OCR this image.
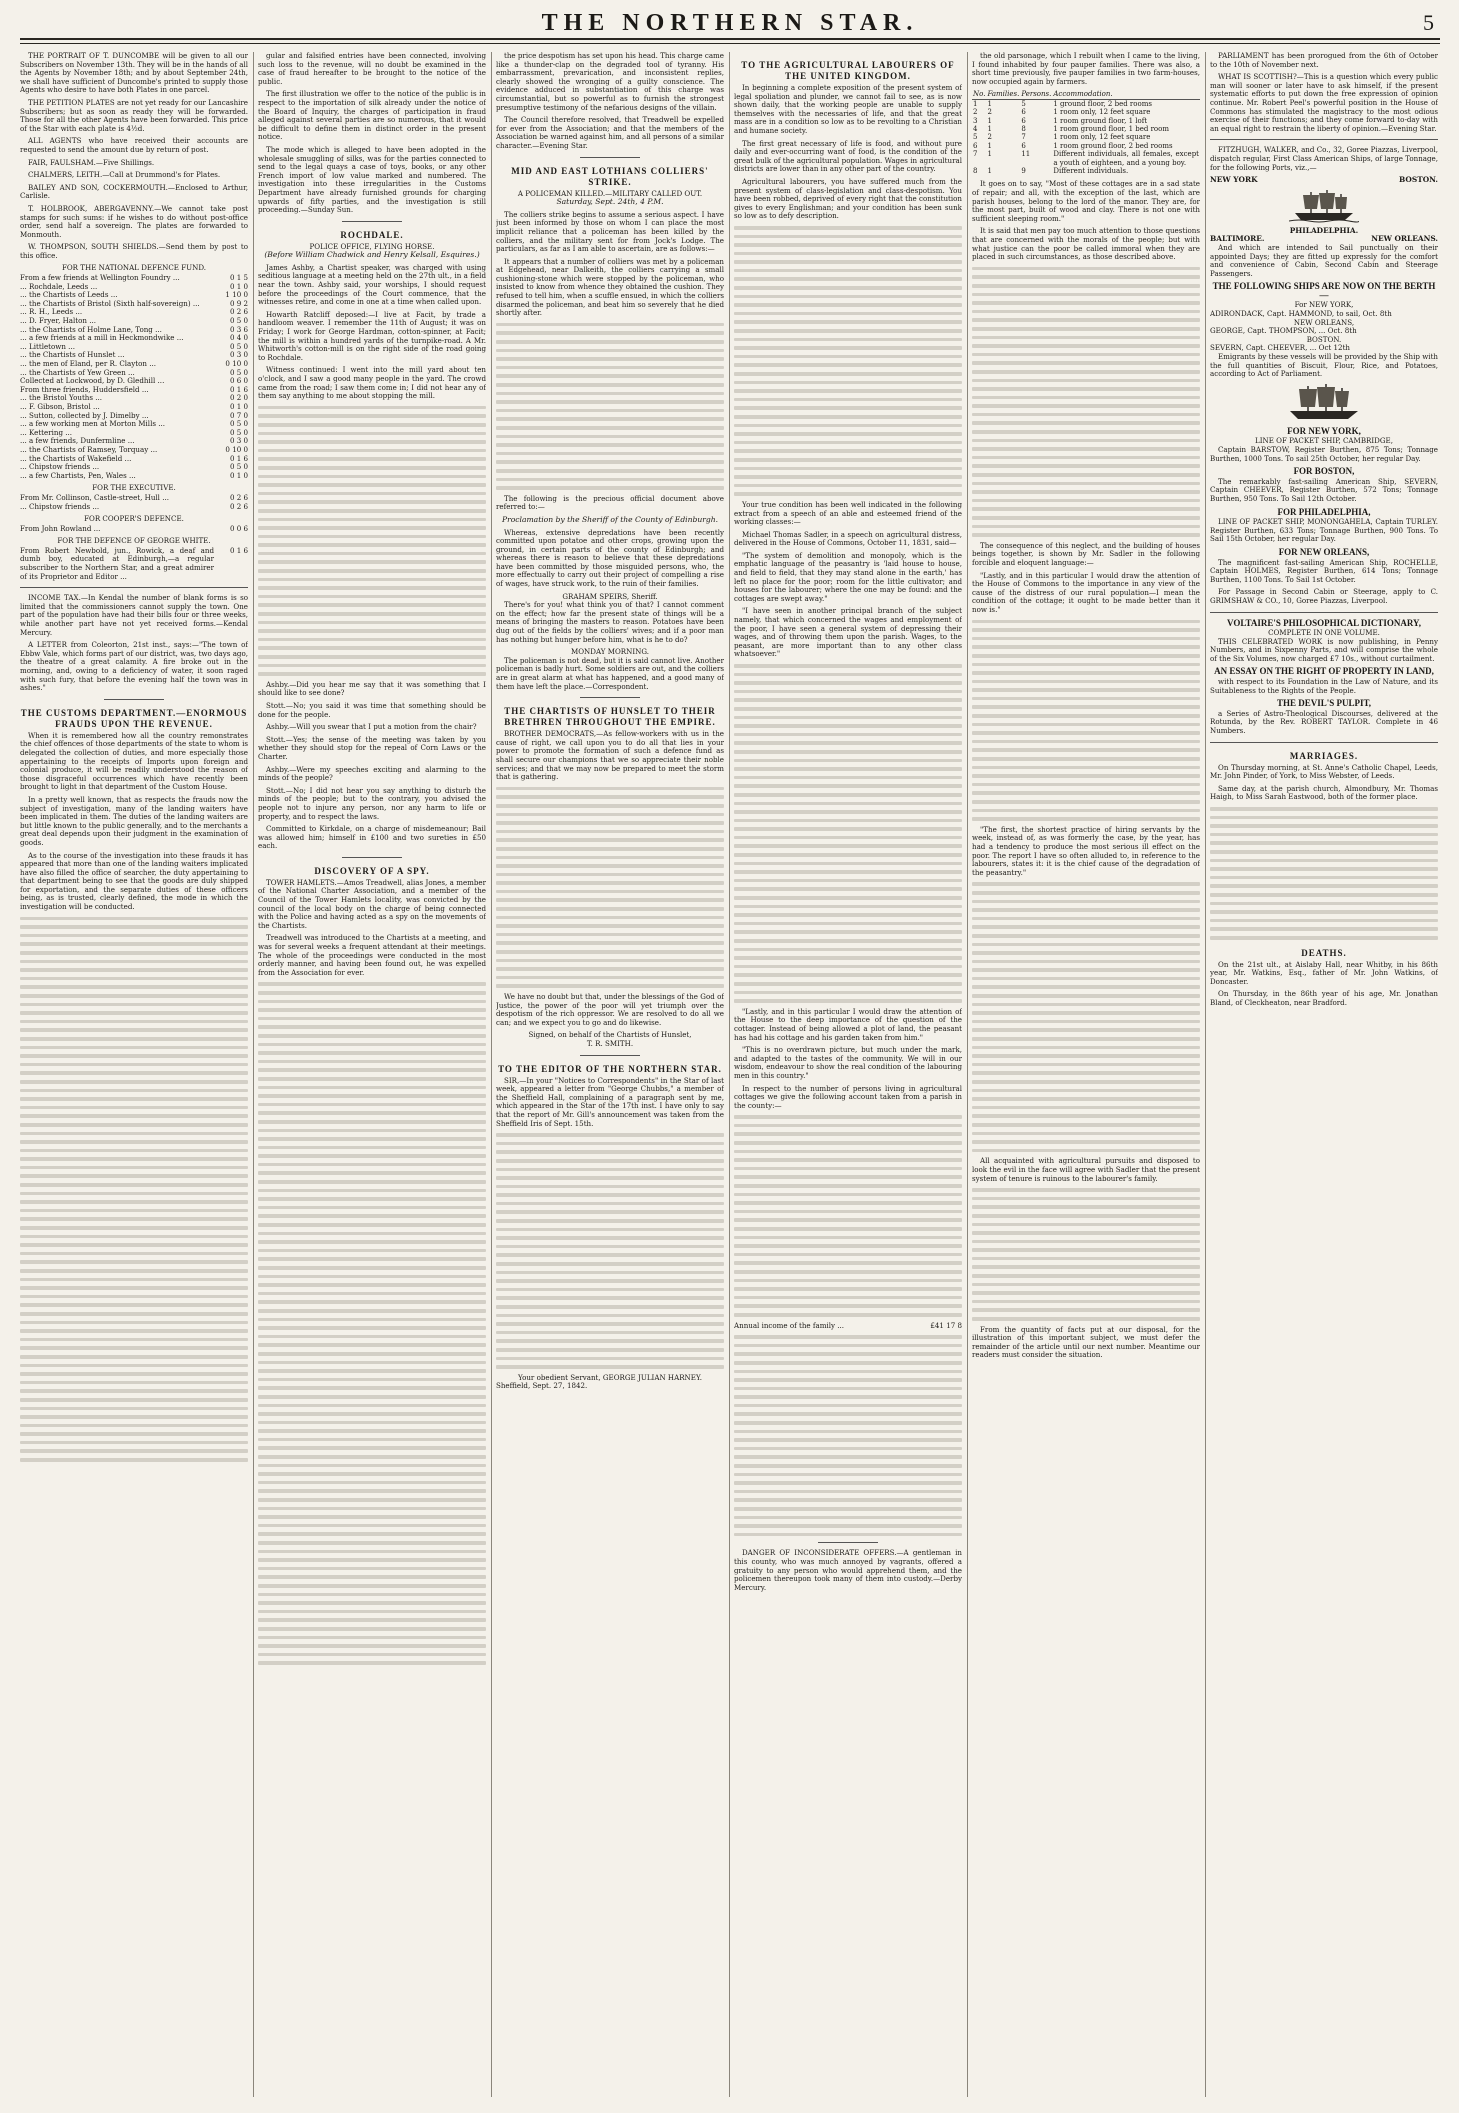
THE NORTHERN STAR.	5

THE PORTRAIT OF T. DUNCOMBE will be given to all our Subscribers on November 13th. They will be in the hands of all the Agents by November 18th; and by about September 24th, we shall have sufficient of Duncombe's printed to supply those Agents who desire to have both Plates in one parcel.

THE PETITION PLATES are not yet ready for our Lancashire Subscribers; but as soon as ready they will be forwarded. Those for all the other Agents have been forwarded. This price of the Star with each plate is 4½d.

ALL AGENTS who have received their accounts are requested to send the amount due by return of post.

FAIR, FAULSHAM.—Five Shillings.

CHALMERS, LEITH.—Call at Drummond's for Plates.

BAILEY AND SON, COCKERMOUTH.—Enclosed to Arthur, Carlisle.

T. HOLBROOK, ABERGAVENNY.—We cannot take post stamps for such sums: if he wishes to do without post-office order, send half a sovereign. The plates are forwarded to Monmouth.

W. THOMPSON, SOUTH SHIELDS.—Send them by post to this office.

FOR THE NATIONAL DEFENCE FUND.
From a few friends at Wellington Foundry ...	0 1 5
... Rochdale, Leeds ...	0 1 0
... the Chartists of Leeds ...	1 10 0
... the Chartists of Bristol (Sixth half-sovereign) ...	0 9 2
... R. H., Leeds ...	0 2 6
... D. Fryer, Halton ...	0 5 0
... the Chartists of Holme Lane, Tong ...	0 3 6
... a few friends at a mill in Heckmondwike ...	0 4 0
... Littletown ...	0 5 0
... the Chartists of Hunslet ...	0 3 0
... the men of Eland, per R. Clayton ...	0 10 0
... the Chartists of Yew Green ...	0 5 0
Collected at Lockwood, by D. Gledhill ...	0 6 0
From three friends, Huddersfield ...	0 1 6
... the Bristol Youths ...	0 2 0
... F. Gibson, Bristol ...	0 1 0
... Sutton, collected by J. Dimelby ...	0 7 0
... a few working men at Morton Mills ...	0 5 0
... Kettering ...	0 5 0
... a few friends, Dunfermline ...	0 3 0
... the Chartists of Ramsey, Torquay ...	0 10 0
... the Chartists of Wakefield ...	0 1 6
... Chipstow friends ...	0 5 0
... a few Chartists, Pen, Wales ...	0 1 0
FOR THE EXECUTIVE.
From Mr. Collinson, Castle-street, Hull ...	0 2 6
... Chipstow friends ...	0 2 6
FOR COOPER'S DEFENCE.
From John Rowland ...	0 0 6
FOR THE DEFENCE OF GEORGE WHITE.
From Robert Newbold, jun., Rowick, a deaf and dumb boy, educated at Edinburgh,—a regular subscriber to the Northern Star, and a great admirer of its Proprietor and Editor ...	0 1 6

INCOME TAX.—In Kendal the number of blank forms is so limited that the commissioners cannot supply the town. One part of the population have had their bills four or three weeks, while another part have not yet received forms.—Kendal Mercury.

A LETTER from Coleorton, 21st inst., says:—"The town of Ebbw Vale, which forms part of our district, was, two days ago, the theatre of a great calamity. A fire broke out in the morning, and, owing to a deficiency of water, it soon raged with such fury, that before the evening half the town was in ashes."

THE CUSTOMS DEPARTMENT.—ENORMOUS FRAUDS UPON THE REVENUE.

When it is remembered how all the country remonstrates the chief offences of those departments of the state to whom is delegated the collection of duties, and more especially those appertaining to the receipts of Imports upon foreign and colonial produce, it will be readily understood the reason of those disgraceful occurrences which have recently been brought to light in that department of the Custom House.

In a pretty well known, that as respects the frauds now the subject of investigation, many of the landing waiters have been implicated in them. The duties of the landing waiters are but little known to the public generally, and to the merchants a great deal depends upon their judgment in the examination of goods.

As to the course of the investigation into these frauds it has appeared that more than one of the landing waiters implicated have also filled the office of searcher, the duty appertaining to that department being to see that the goods are duly shipped for exportation, and the separate duties of these officers being, as is trusted, clearly defined, the mode in which the investigation will be conducted.

gular and falsified entries have been connected, involving such loss to the revenue, will no doubt be examined in the case of fraud hereafter to be brought to the notice of the public.

The first illustration we offer to the notice of the public is in respect to the importation of silk already under the notice of the Board of Inquiry, the charges of participation in fraud alleged against several parties are so numerous, that it would be difficult to define them in distinct order in the present notice.

The mode which is alleged to have been adopted in the wholesale smuggling of silks, was for the parties connected to send to the legal quays a case of toys, books, or any other French import of low value marked and numbered. The investigation into these irregularities in the Customs Department have already furnished grounds for charging upwards of fifty parties, and the investigation is still proceeding.—Sunday Sun.

ROCHDALE.
POLICE OFFICE, FLYING HORSE.
(Before William Chadwick and Henry Kelsall, Esquires.)

James Ashby, a Chartist speaker, was charged with using seditious language at a meeting held on the 27th ult., in a field near the town. Ashby said, your worships, I should request before the proceedings of the Court commence, that the witnesses retire, and come in one at a time when called upon.

Howarth Ratcliff deposed:—I live at Facit, by trade a handloom weaver. I remember the 11th of August; it was on Friday; I work for George Hardman, cotton-spinner, at Facit; the mill is within a hundred yards of the turnpike-road. A Mr. Whitworth's cotton-mill is on the right side of the road going to Rochdale.

Witness continued: I went into the mill yard about ten o'clock, and I saw a good many people in the yard. The crowd came from the road; I saw them come in; I did not hear any of them say anything to me about stopping the mill.

Ashby.—Did you hear me say that it was something that I should like to see done?

Stott.—No; you said it was time that something should be done for the people.

Ashby.—Will you swear that I put a motion from the chair?

Stott.—Yes; the sense of the meeting was taken by you whether they should stop for the repeal of Corn Laws or the Charter.

Ashby.—Were my speeches exciting and alarming to the minds of the people?

Stott.—No; I did not hear you say anything to disturb the minds of the people; but to the contrary, you advised the people not to injure any person, nor any harm to life or property, and to respect the laws.

Committed to Kirkdale, on a charge of misdemeanour; Bail was allowed him; himself in £100 and two sureties in £50 each.

DISCOVERY OF A SPY.

TOWER HAMLETS.—Amos Treadwell, alias Jones, a member of the National Charter Association, and a member of the Council of the Tower Hamlets locality, was convicted by the council of the local body on the charge of being connected with the Police and having acted as a spy on the movements of the Chartists.

Treadwell was introduced to the Chartists at a meeting, and was for several weeks a frequent attendant at their meetings. The whole of the proceedings were conducted in the most orderly manner, and having been found out, he was expelled from the Association for ever.

the price despotism has set upon his head. This charge came like a thunder-clap on the degraded tool of tyranny. His embarrassment, prevarication, and inconsistent replies, clearly showed the wronging of a guilty conscience. The evidence adduced in substantiation of this charge was circumstantial, but so powerful as to furnish the strongest presumptive testimony of the nefarious designs of the villain.

The Council therefore resolved, that Treadwell be expelled for ever from the Association; and that the members of the Association be warned against him, and all persons of a similar character.—Evening Star.

MID AND EAST LOTHIANS COLLIERS' STRIKE.
A POLICEMAN KILLED.—MILITARY CALLED OUT.
Saturday, Sept. 24th, 4 P.M.

The colliers strike begins to assume a serious aspect. I have just been informed by those on whom I can place the most implicit reliance that a policeman has been killed by the colliers, and the military sent for from Jock's Lodge. The particulars, as far as I am able to ascertain, are as follows:—

It appears that a number of colliers was met by a policeman at Edgehead, near Dalkeith, the colliers carrying a small cushioning-stone which were stopped by the policeman, who insisted to know from whence they obtained the cushion. They refused to tell him, when a scuffle ensued, in which the colliers disarmed the policeman, and beat him so severely that he died shortly after.

The following is the precious official document above referred to:—

Proclamation by the Sheriff of the County of Edinburgh.

Whereas, extensive depredations have been recently committed upon potatoe and other crops, growing upon the ground, in certain parts of the county of Edinburgh; and whereas there is reason to believe that these depredations have been committed by those misguided persons, who, the more effectually to carry out their project of compelling a rise of wages, have struck work, to the ruin of their families.

GRAHAM SPEIRS, Sheriff.

There's for you! what think you of that? I cannot comment on the effect; how far the present state of things will be a means of bringing the masters to reason. Potatoes have been dug out of the fields by the colliers' wives; and if a poor man has nothing but hunger before him, what is he to do?

MONDAY MORNING.

The policeman is not dead, but it is said cannot live. Another policeman is badly hurt. Some soldiers are out, and the colliers are in great alarm at what has happened, and a good many of them have left the place.—Correspondent.

THE CHARTISTS OF HUNSLET TO THEIR BRETHREN THROUGHOUT THE EMPIRE.

BROTHER DEMOCRATS,—As fellow-workers with us in the cause of right, we call upon you to do all that lies in your power to promote the formation of such a defence fund as shall secure our champions that we so appreciate their noble services; and that we may now be prepared to meet the storm that is gathering.

We have no doubt but that, under the blessings of the God of Justice, the power of the poor will yet triumph over the despotism of the rich oppressor. We are resolved to do all we can; and we expect you to go and do likewise.

Signed, on behalf of the Chartists of Hunslet,
T. R. SMITH.
TO THE EDITOR OF THE NORTHERN STAR.

SIR,—In your "Notices to Correspondents" in the Star of last week, appeared a letter from "George Chubbs," a member of the Sheffield Hall, complaining of a paragraph sent by me, which appeared in the Star of the 17th inst. I have only to say that the report of Mr. Gill's announcement was taken from the Sheffield Iris of Sept. 15th.

Your obedient Servant, GEORGE JULIAN HARNEY.
Sheffield, Sept. 27, 1842.
TO THE AGRICULTURAL LABOURERS OF THE UNITED KINGDOM.

In beginning a complete exposition of the present system of legal spoliation and plunder, we cannot fail to see, as is now shown daily, that the working people are unable to supply themselves with the necessaries of life, and that the great mass are in a condition so low as to be revolting to a Christian and humane society.

The first great necessary of life is food, and without pure daily and ever-occurring want of food, is the condition of the great bulk of the agricultural population. Wages in agricultural districts are lower than in any other part of the country.

Agricultural labourers, you have suffered much from the present system of class-legislation and class-despotism. You have been robbed, deprived of every right that the constitution gives to every Englishman; and your condition has been sunk so low as to defy description.

Your true condition has been well indicated in the following extract from a speech of an able and esteemed friend of the working classes:—

Michael Thomas Sadler, in a speech on agricultural distress, delivered in the House of Commons, October 11, 1831, said—

"The system of demolition and monopoly, which is the emphatic language of the peasantry is 'laid house to house, and field to field, that they may stand alone in the earth,' has left no place for the poor; room for the little cultivator; and houses for the labourer; where the one may be found: and the cottages are swept away."

"I have seen in another principal branch of the subject namely, that which concerned the wages and employment of the poor, I have seen a general system of depressing their wages, and of throwing them upon the parish. Wages, to the peasant, are more important than to any other class whatsoever."

"Lastly, and in this particular I would draw the attention of the House to the deep importance of the question of the cottager. Instead of being allowed a plot of land, the peasant has had his cottage and his garden taken from him."

"This is no overdrawn picture, but much under the mark, and adapted to the tastes of the community. We will in our wisdom, endeavour to show the real condition of the labouring men in this country."

In respect to the number of persons living in agricultural cottages we give the following account taken from a parish in the county:—

Annual income of the family ...	£41 17 8

DANGER OF INCONSIDERATE OFFERS.—A gentleman in this county, who was much annoyed by vagrants, offered a gratuity to any person who would apprehend them, and the policemen thereupon took many of them into custody.—Derby Mercury.

the old parsonage, which I rebuilt when I came to the living, I found inhabited by four pauper families. There was also, a short time previously, five pauper families in two farm-houses, now occupied again by farmers.

No.	Families.	Persons.	Accommodation.
1	1	5	1 ground floor, 2 bed rooms
2	2	6	1 room only, 12 feet square
3	1	6	1 room ground floor, 1 loft
4	1	8	1 room ground floor, 1 bed room
5	2	7	1 room only, 12 feet square
6	1	6	1 room ground floor, 2 bed rooms
7	1	11	Different individuals, all females, except a youth of eighteen, and a young boy.
8	1	9	Different individuals.

It goes on to say, "Most of these cottages are in a sad state of repair; and all, with the exception of the last, which are parish houses, belong to the lord of the manor. They are, for the most part, built of wood and clay. There is not one with sufficient sleeping room."

It is said that men pay too much attention to those questions that are concerned with the morals of the people; but with what justice can the poor be called immoral when they are placed in such circumstances, as those described above.

The consequence of this neglect, and the building of houses beings together, is shown by Mr. Sadler in the following forcible and eloquent language:—

"Lastly, and in this particular I would draw the attention of the House of Commons to the importance in any view of the cause of the distress of our rural population—I mean the condition of the cottage; it ought to be made better than it now is."

"The first, the shortest practice of hiring servants by the week, instead of, as was formerly the case, by the year, has had a tendency to produce the most serious ill effect on the poor. The report I have so often alluded to, in reference to the labourers, states it: it is the chief cause of the degradation of the peasantry."

All acquainted with agricultural pursuits and disposed to look the evil in the face will agree with Sadler that the present system of tenure is ruinous to the labourer's family.

From the quantity of facts put at our disposal, for the illustration of this important subject, we must defer the remainder of the article until our next number. Meantime our readers must consider the situation.

PARLIAMENT has been prorogued from the 6th of October to the 10th of November next.

WHAT IS SCOTTISH?—This is a question which every public man will sooner or later have to ask himself, if the present systematic efforts to put down the free expression of opinion continue. Mr. Robert Peel's powerful position in the House of Commons has stimulated the magistracy to the most odious exercise of their functions; and they come forward to-day with an equal right to restrain the liberty of opinion.—Evening Star.

FITZHUGH, WALKER, and Co., 32, Goree Piazzas, Liverpool, dispatch regular, First Class American Ships, of large Tonnage, for the following Ports, viz.,—

NEW YORK	BOSTON.
PHILADELPHIA.
BALTIMORE.	NEW ORLEANS.

And which are intended to Sail punctually on their appointed Days; they are fitted up expressly for the comfort and convenience of Cabin, Second Cabin and Steerage Passengers.

THE FOLLOWING SHIPS ARE NOW ON THE BERTH—
For NEW YORK,
ADIRONDACK, Capt. HAMMOND, to sail, Oct. 8th
NEW ORLEANS,
GEORGE, Capt. THOMPSON, ... Oct. 8th
BOSTON.
SEVERN, Capt. CHEEVER, ... Oct 12th

Emigrants by these vessels will be provided by the Ship with the full quantities of Biscuit, Flour, Rice, and Potatoes, according to Act of Parliament.

FOR NEW YORK,
LINE OF PACKET SHIP, CAMBRIDGE,

Captain BARSTOW, Register Burthen, 875 Tons; Tonnage Burthen, 1000 Tons. To sail 25th October, her regular Day.

FOR BOSTON,

The remarkably fast-sailing American Ship, SEVERN, Captain CHEEVER, Register Burthen, 572 Tons; Tonnage Burthen, 950 Tons. To Sail 12th October.

FOR PHILADELPHIA,

LINE OF PACKET SHIP, MONONGAHELA, Captain TURLEY. Register Burthen, 633 Tons; Tonnage Burthen, 900 Tons. To Sail 15th October, her regular Day.

FOR NEW ORLEANS,

The magnificent fast-sailing American Ship, ROCHELLE, Captain HOLMES, Register Burthen, 614 Tons; Tonnage Burthen, 1100 Tons. To Sail 1st October.

For Passage in Second Cabin or Steerage, apply to C. GRIMSHAW & CO., 10, Goree Piazzas, Liverpool.

VOLTAIRE'S PHILOSOPHICAL DICTIONARY,
COMPLETE IN ONE VOLUME.

THIS CELEBRATED WORK is now publishing, in Penny Numbers, and in Sixpenny Parts, and will comprise the whole of the Six Volumes, now charged £7 10s., without curtailment.

AN ESSAY ON THE RIGHT OF PROPERTY IN LAND,

with respect to its Foundation in the Law of Nature, and its Suitableness to the Rights of the People.

THE DEVIL'S PULPIT,

a Series of Astro-Theological Discourses, delivered at the Rotunda, by the Rev. ROBERT TAYLOR. Complete in 46 Numbers.

MARRIAGES.

On Thursday morning, at St. Anne's Catholic Chapel, Leeds, Mr. John Pinder, of York, to Miss Webster, of Leeds.

Same day, at the parish church, Almondbury, Mr. Thomas Haigh, to Miss Sarah Eastwood, both of the former place.

DEATHS.

On the 21st ult., at Aislaby Hall, near Whitby, in his 86th year, Mr. Watkins, Esq., father of Mr. John Watkins, of Doncaster.

On Thursday, in the 86th year of his age, Mr. Jonathan Bland, of Cleckheaton, near Bradford.
